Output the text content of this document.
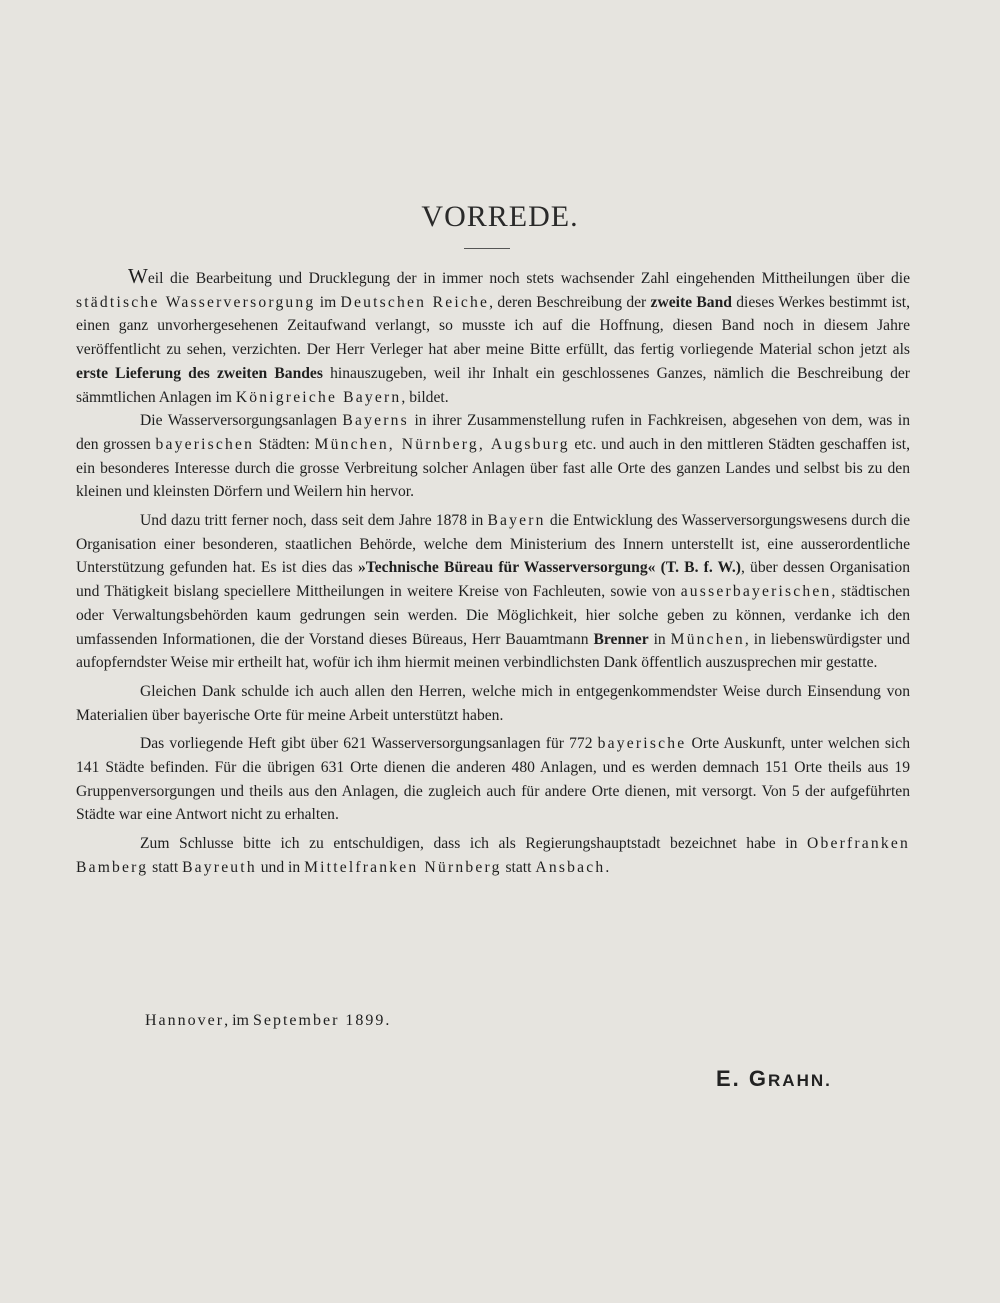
VORREDE.

Weil die Bearbeitung und Drucklegung der in immer noch stets wachsender Zahl eingehenden Mittheilungen über die städtische Wasserversorgung im Deutschen Reiche, deren Beschreibung der zweite Band dieses Werkes bestimmt ist, einen ganz unvorhergesehenen Zeitaufwand verlangt, so musste ich auf die Hoffnung, diesen Band noch in diesem Jahre veröffentlicht zu sehen, verzichten. Der Herr Verleger hat aber meine Bitte erfüllt, das fertig vorliegende Material schon jetzt als erste Lieferung des zweiten Bandes hinauszugeben, weil ihr Inhalt ein geschlossenes Ganzes, nämlich die Beschreibung der sämmtlichen Anlagen im Königreiche Bayern, bildet.

Die Wasserversorgungsanlagen Bayerns in ihrer Zusammenstellung rufen in Fachkreisen, abgesehen von dem, was in den grossen bayerischen Städten: München, Nürnberg, Augsburg etc. und auch in den mittleren Städten geschaffen ist, ein besonderes Interesse durch die grosse Verbreitung solcher Anlagen über fast alle Orte des ganzen Landes und selbst bis zu den kleinen und kleinsten Dörfern und Weilern hin hervor.

Und dazu tritt ferner noch, dass seit dem Jahre 1878 in Bayern die Entwicklung des Wasserversorgungswesens durch die Organisation einer besonderen, staatlichen Behörde, welche dem Ministerium des Innern unterstellt ist, eine ausserordentliche Unterstützung gefunden hat. Es ist dies das »Technische Büreau für Wasserversorgung« (T. B. f. W.), über dessen Organisation und Thätigkeit bislang speciellere Mittheilungen in weitere Kreise von Fachleuten, sowie von ausserbayerischen, städtischen oder Verwaltungsbehörden kaum gedrungen sein werden. Die Möglichkeit, hier solche geben zu können, verdanke ich den umfassenden Informationen, die der Vorstand dieses Büreaus, Herr Bauamtmann Brenner in München, in liebenswürdigster und aufopferndster Weise mir ertheilt hat, wofür ich ihm hiermit meinen verbindlichsten Dank öffentlich auszusprechen mir gestatte.

Gleichen Dank schulde ich auch allen den Herren, welche mich in entgegenkommendster Weise durch Einsendung von Materialien über bayerische Orte für meine Arbeit unterstützt haben.

Das vorliegende Heft gibt über 621 Wasserversorgungsanlagen für 772 bayerische Orte Auskunft, unter welchen sich 141 Städte befinden. Für die übrigen 631 Orte dienen die anderen 480 Anlagen, und es werden demnach 151 Orte theils aus 19 Gruppenversorgungen und theils aus den Anlagen, die zugleich auch für andere Orte dienen, mit versorgt. Von 5 der aufgeführten Städte war eine Antwort nicht zu erhalten.

Zum Schlusse bitte ich zu entschuldigen, dass ich als Regierungshauptstadt bezeichnet habe in Oberfranken Bamberg statt Bayreuth und in Mittelfranken Nürnberg statt Ansbach.

Hannover, im September 1899.
E. GRAHN.
